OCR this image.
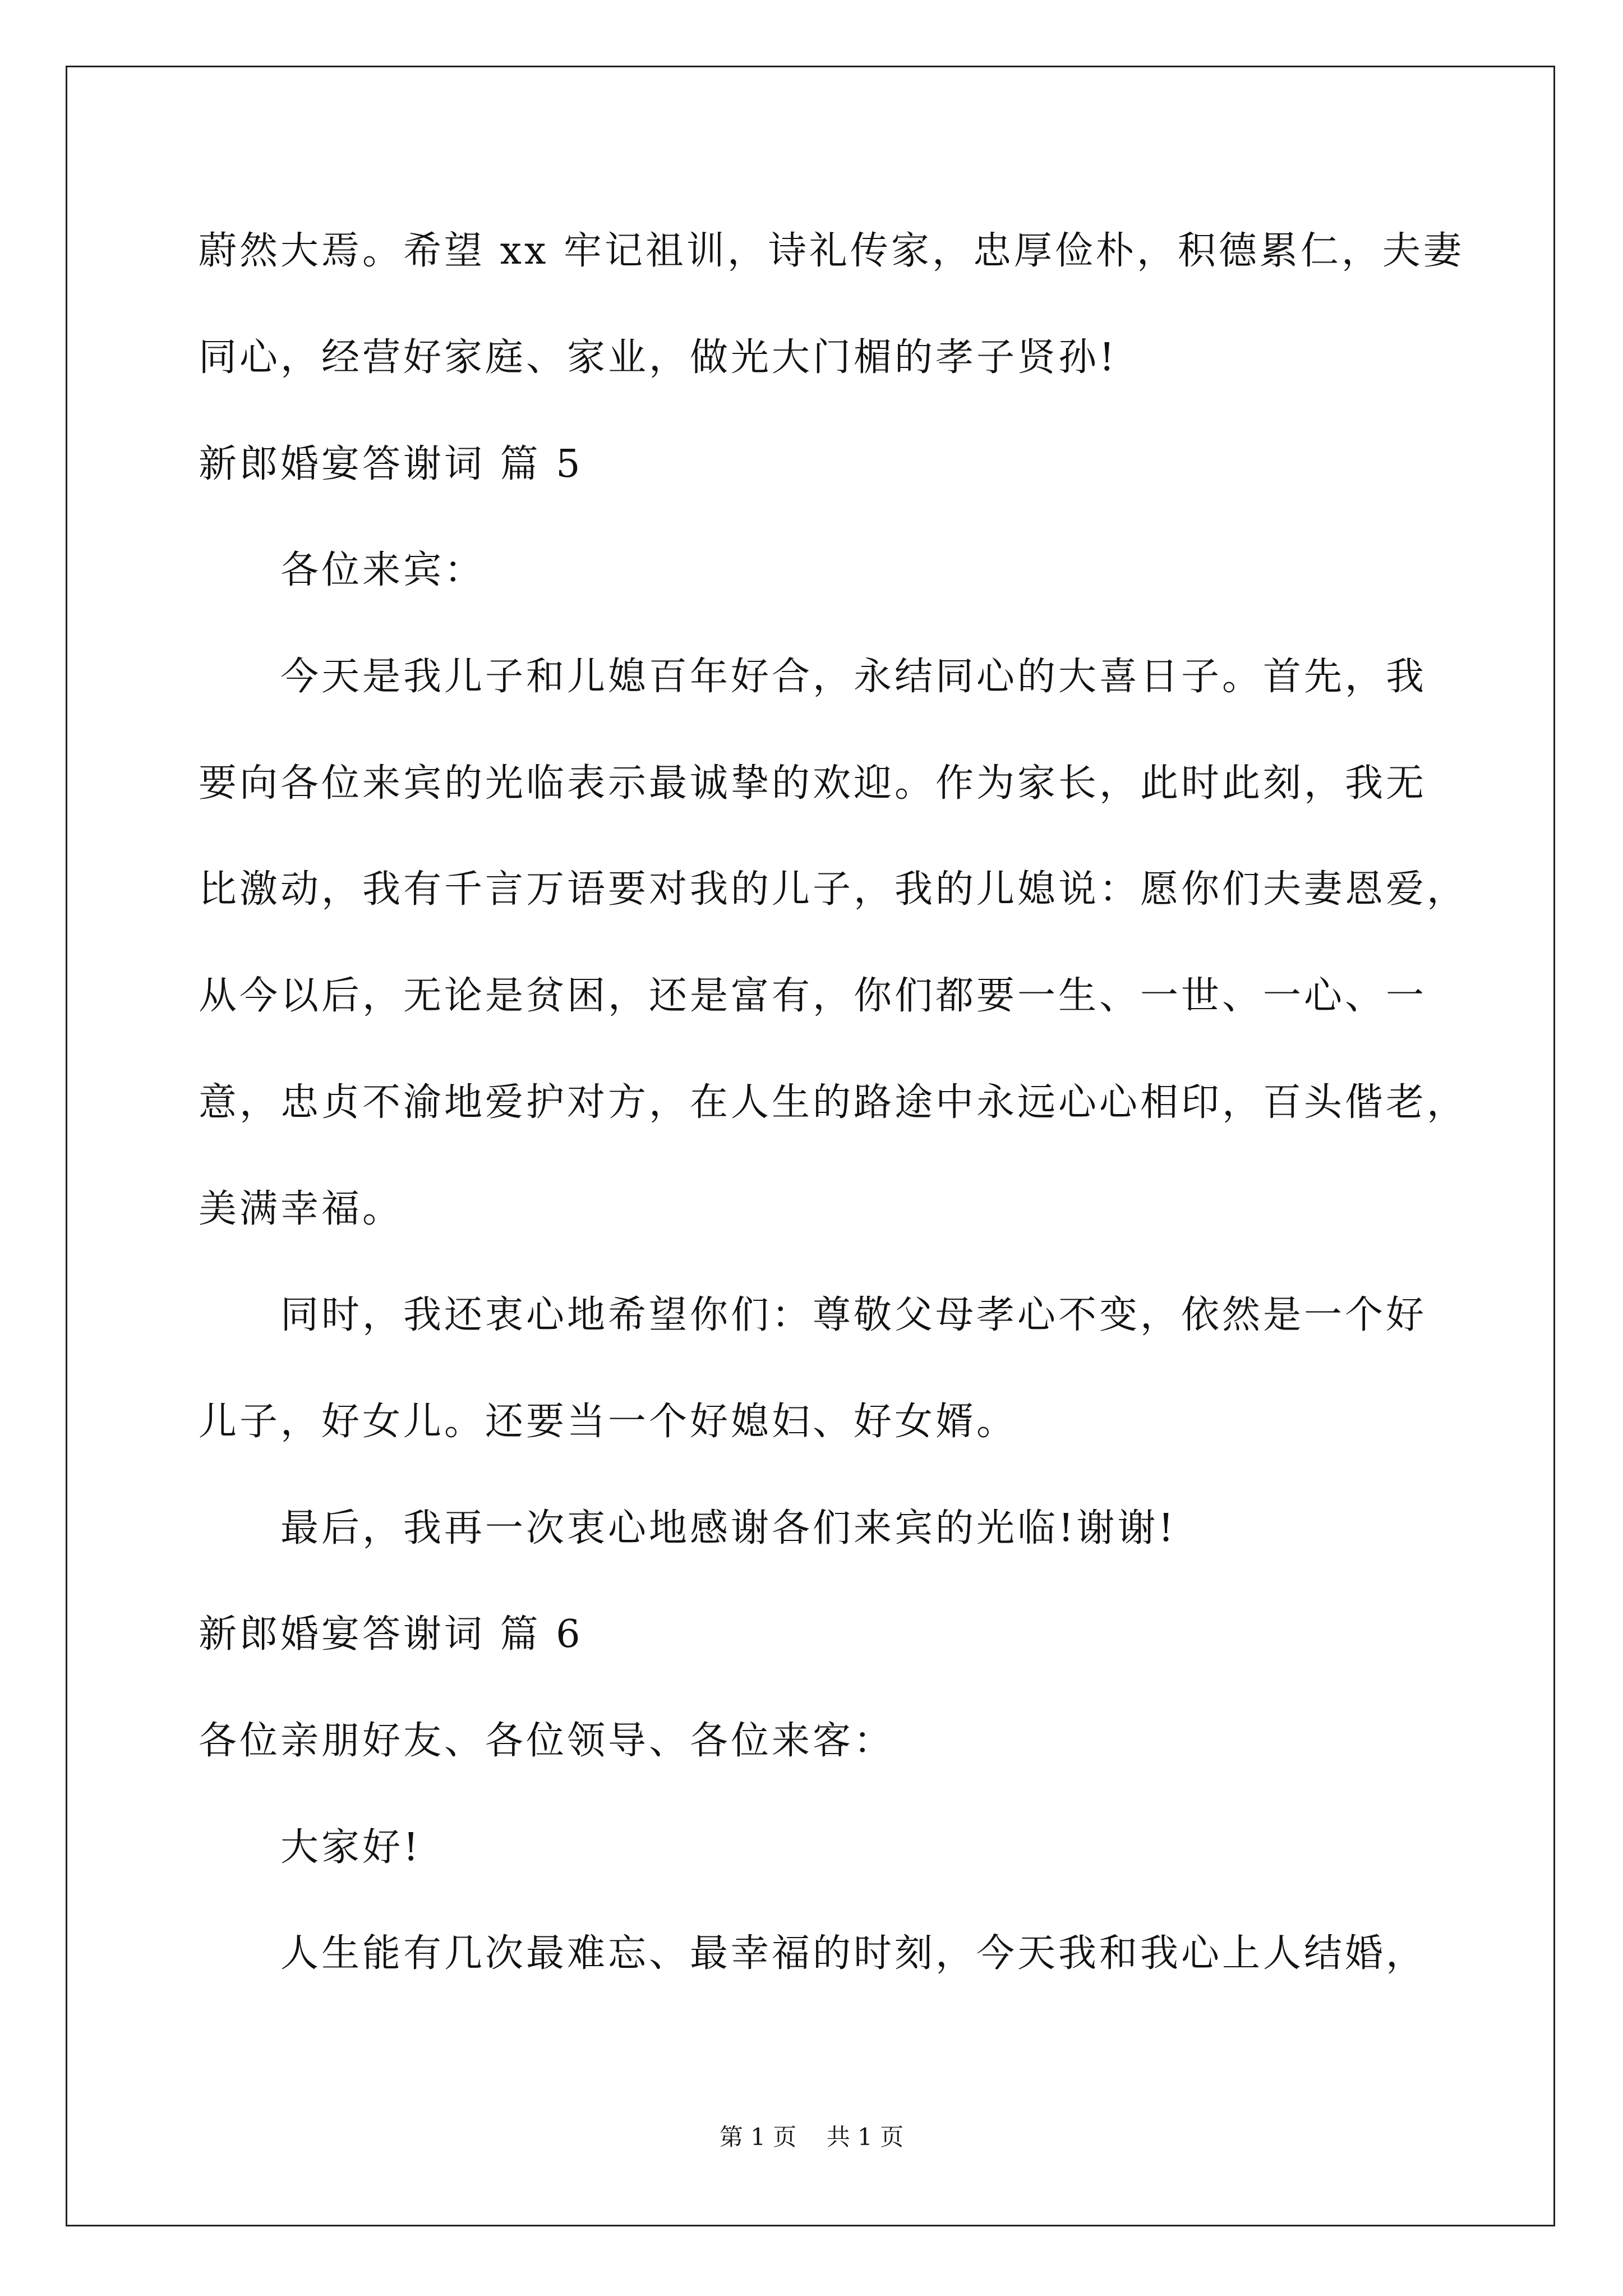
蔚然大焉。希望 xx 牢记祖训，诗礼传家，忠厚俭朴，积德累仁，夫妻
同心，经营好家庭、家业，做光大门楣的孝子贤孙!
新郎婚宴答谢词 篇 5
各位来宾：
今天是我儿子和儿媳百年好合，永结同心的大喜日子。首先，我
要向各位来宾的光临表示最诚挚的欢迎。作为家长，此时此刻，我无
比激动，我有千言万语要对我的儿子，我的儿媳说：愿你们夫妻恩爱，
从今以后，无论是贫困，还是富有，你们都要一生、一世、一心、一
意，忠贞不渝地爱护对方，在人生的路途中永远心心相印，百头偕老，
美满幸福。
同时，我还衷心地希望你们：尊敬父母孝心不变，依然是一个好
儿子，好女儿。还要当一个好媳妇、好女婿。
最后，我再一次衷心地感谢各们来宾的光临!谢谢!
新郎婚宴答谢词 篇 6
各位亲朋好友、各位领导、各位来客：
大家好!
人生能有几次最难忘、最幸福的时刻，今天我和我心上人结婚，
第 1 页    共 1 页
